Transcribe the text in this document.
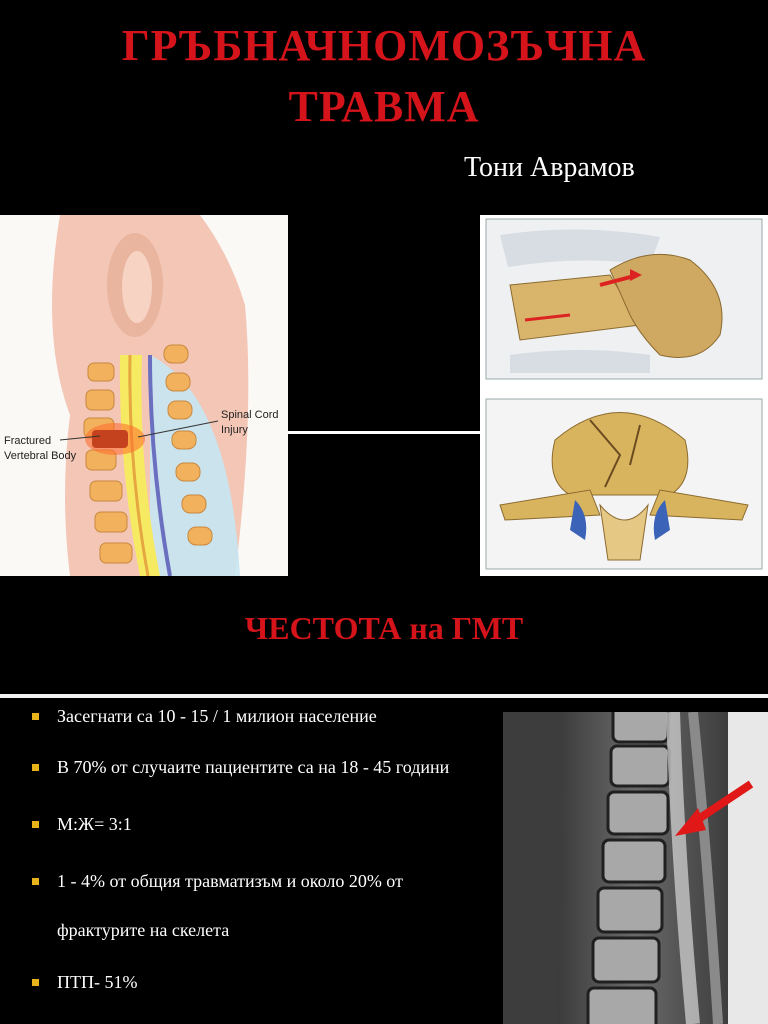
ГРЪБНАЧНОМОЗЪЧНА
ТРАВМА
Тони Аврамов
Fractured
Vertebral Body
Spinal Cord
Injury
ЧЕСТОТА на ГМТ
Засегнати са 10 - 15 / 1 милион население
В 70% от случаите пациентите са на 18 - 45 години
М:Ж= 3:1
1 - 4% от общия травматизъм и около 20% от
фрактурите на скелета
ПТП- 51%
